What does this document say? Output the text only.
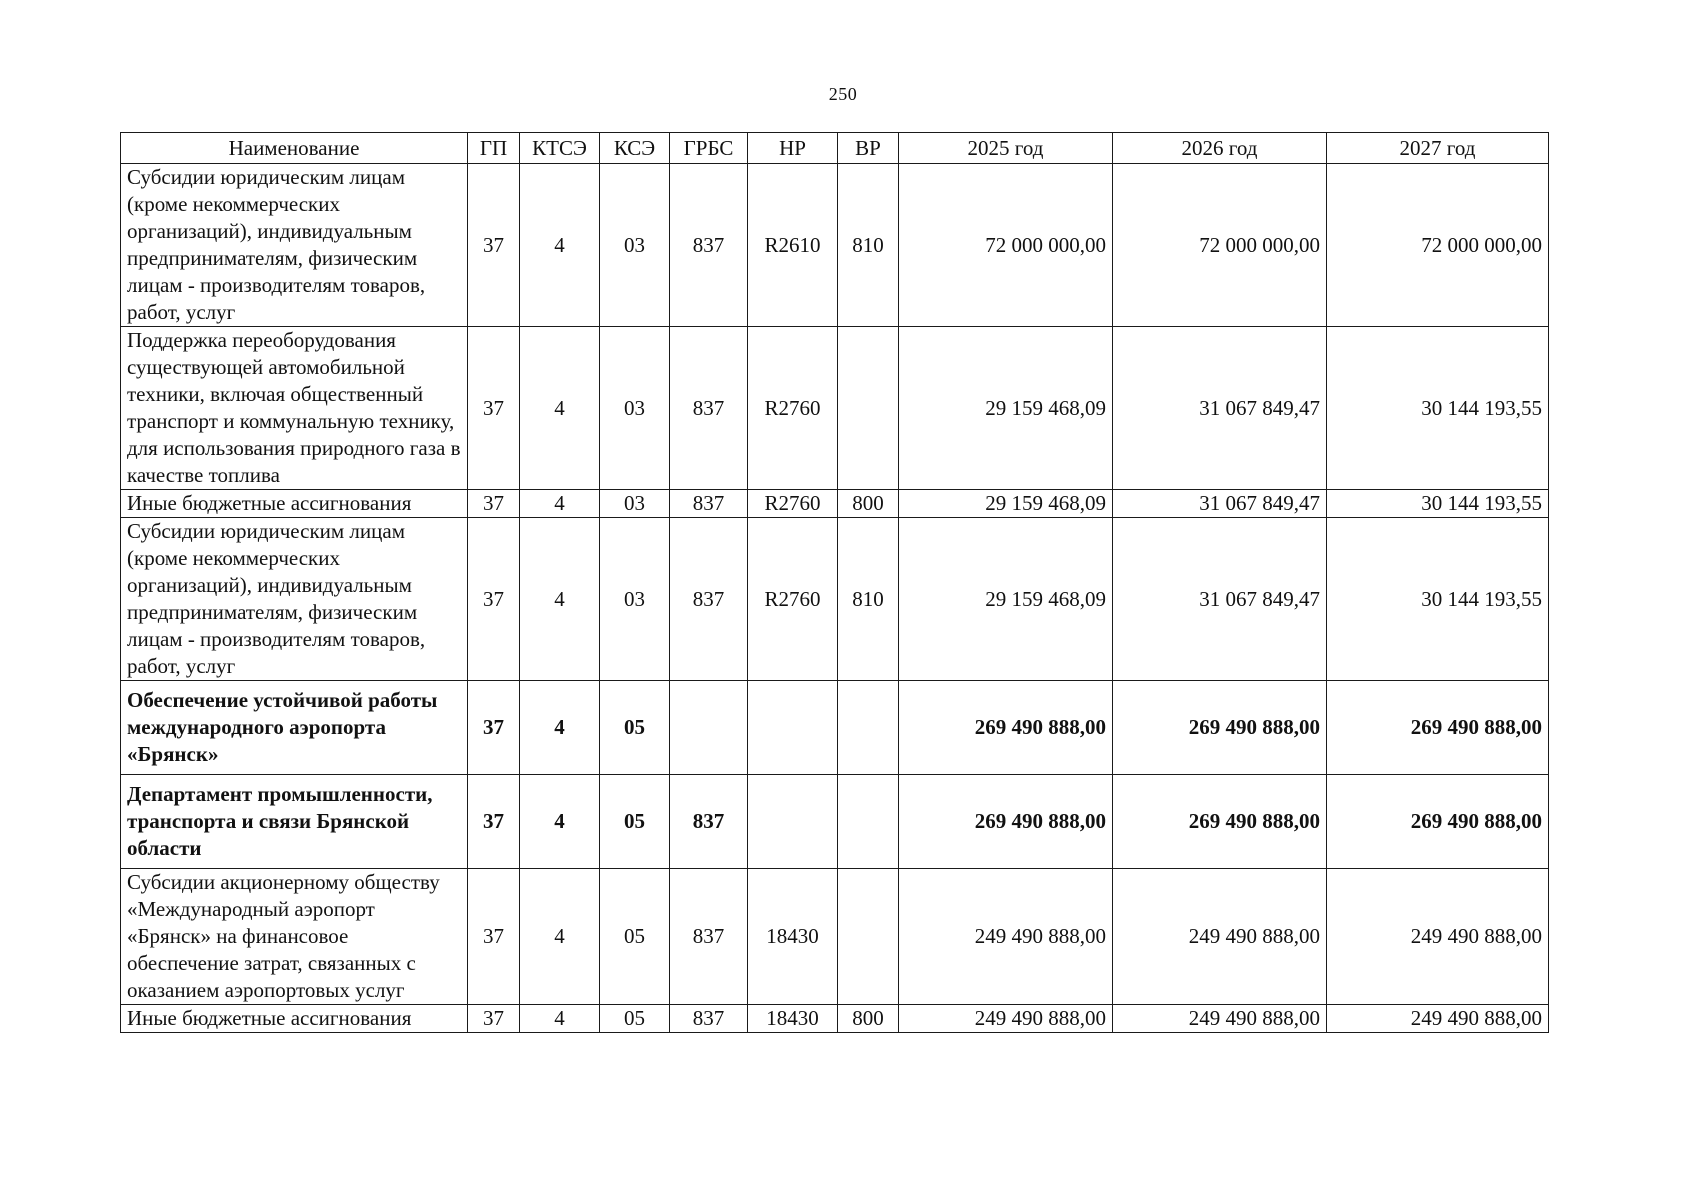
250
Наименование	ГП	КТСЭ	КСЭ	ГРБС	НР	ВР	2025 год	2026 год	2027 год
Субсидии юридическим лицам (кроме некоммерческих организаций), индивидуальным предпринимателям, физическим лицам - производителям товаров, работ, услуг	37	4	03	837	R2610	810	72 000 000,00	72 000 000,00	72 000 000,00
Поддержка переоборудования существующей автомобильной техники, включая общественный транспорт и коммунальную технику, для использования природного газа в качестве топлива	37	4	03	837	R2760		29 159 468,09	31 067 849,47	30 144 193,55
Иные бюджетные ассигнования	37	4	03	837	R2760	800	29 159 468,09	31 067 849,47	30 144 193,55
Субсидии юридическим лицам (кроме некоммерческих организаций), индивидуальным предпринимателям, физическим лицам - производителям товаров, работ, услуг	37	4	03	837	R2760	810	29 159 468,09	31 067 849,47	30 144 193,55
Обеспечение устойчивой работы международного аэропорта «Брянск»	37	4	05				269 490 888,00	269 490 888,00	269 490 888,00
Департамент промышленности, транспорта и связи Брянской области	37	4	05	837			269 490 888,00	269 490 888,00	269 490 888,00
Субсидии акционерному обществу «Международный аэропорт «Брянск» на финансовое обеспечение затрат, связанных с оказанием аэропортовых услуг	37	4	05	837	18430		249 490 888,00	249 490 888,00	249 490 888,00
Иные бюджетные ассигнования	37	4	05	837	18430	800	249 490 888,00	249 490 888,00	249 490 888,00
